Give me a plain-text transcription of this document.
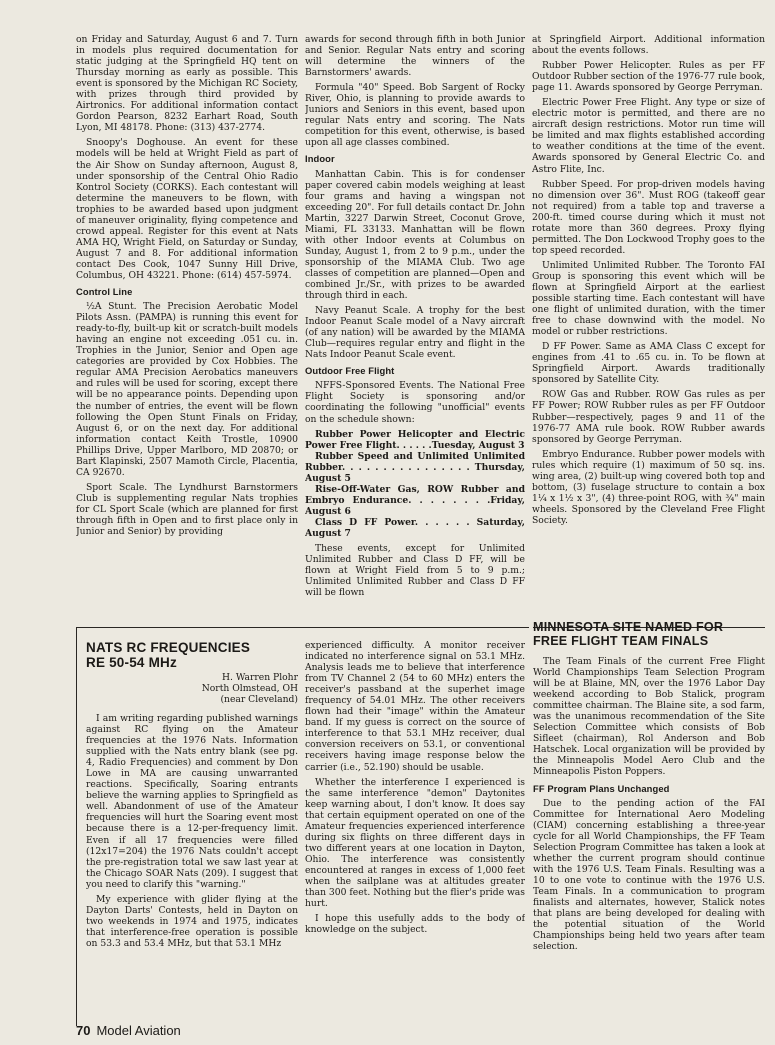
on Friday and Saturday, August 6 and 7. Turn in models plus required documentation for static judging at the Springfield HQ tent on Thursday morning as early as possible. This event is sponsored by the Michigan RC Society, with prizes through third provided by Airtronics. For additional information contact Gordon Pearson, 8232 Earhart Road, South Lyon, MI 48178. Phone: (313) 437-2774.

Snoopy's Doghouse. An event for these models will be held at Wright Field as part of the Air Show on Sunday afternoon, August 8, under sponsorship of the Central Ohio Radio Kontrol Society (CORKS). Each contestant will determine the maneuvers to be flown, with trophies to be awarded based upon judgment of maneuver originality, flying competence and crowd appeal. Register for this event at Nats AMA HQ, Wright Field, on Saturday or Sunday, August 7 and 8. For additional information contact Des Cook, 1047 Sunny Hill Drive, Columbus, OH 43221. Phone: (614) 457-5974.

Control Line

½A Stunt. The Precision Aerobatic Model Pilots Assn. (PAMPA) is running this event for ready-to-fly, built-up kit or scratch-built models having an engine not exceeding .051 cu. in. Trophies in the Junior, Senior and Open age categories are provided by Cox Hobbies. The regular AMA Precision Aerobatics maneuvers and rules will be used for scoring, except there will be no appearance points. Depending upon the number of entries, the event will be flown following the Open Stunt Finals on Friday, August 6, or on the next day. For additional information contact Keith Trostle, 10900 Phillips Drive, Upper Marlboro, MD 20870; or Bart Klapinski, 2507 Mamoth Circle, Placentia, CA 92670.

Sport Scale. The Lyndhurst Barnstormers Club is supplementing regular Nats trophies for CL Sport Scale (which are planned for first through fifth in Open and to first place only in Junior and Senior) by providing

awards for second through fifth in both Junior and Senior. Regular Nats entry and scoring will determine the winners of the Barnstormers' awards.

Formula "40" Speed. Bob Sargent of Rocky River, Ohio, is planning to provide awards to Juniors and Seniors in this event, based upon regular Nats entry and scoring. The Nats competition for this event, otherwise, is based upon all age classes combined.

Indoor

Manhattan Cabin. This is for condenser paper covered cabin models weighing at least four grams and having a wingspan not exceeding 20". For full details contact Dr. John Martin, 3227 Darwin Street, Coconut Grove, Miami, FL 33133. Manhattan will be flown with other Indoor events at Columbus on Sunday, August 1, from 2 to 9 p.m., under the sponsorship of the MIAMA Club. Two age classes of competition are planned—Open and combined Jr./Sr., with prizes to be awarded through third in each.

Navy Peanut Scale. A trophy for the best Indoor Peanut Scale model of a Navy aircraft (of any nation) will be awarded by the MIAMA Club—requires regular entry and flight in the Nats Indoor Peanut Scale event.

Outdoor Free Flight

NFFS-Sponsored Events. The National Free Flight Society is sponsoring and/or coordinating the following "unofficial" events on the schedule shown:

Rubber Power Helicopter and Electric Power Free Flight. . . . . .Tuesday, August 3
Rubber Speed and Unlimited Unlimited Rubber. . . . . . . . . . . . . . . . Thursday, August 5
Rise-Off-Water Gas, ROW Rubber and Embryo Endurance. . . . . . . .Friday, August 6
Class D FF Power. . . . . . Saturday, August 7

These events, except for Unlimited Unlimited Rubber and Class D FF, will be flown at Wright Field from 5 to 9 p.m.; Unlimited Unlimited Rubber and Class D FF will be flown

at Springfield Airport. Additional information about the events follows.

Rubber Power Helicopter. Rules as per FF Outdoor Rubber section of the 1976-77 rule book, page 11. Awards sponsored by George Perryman.

Electric Power Free Flight. Any type or size of electric motor is permitted, and there are no aircraft design restrictions. Motor run time will be limited and max flights established according to weather conditions at the time of the event. Awards sponsored by General Electric Co. and Astro Flite, Inc.

Rubber Speed. For prop-driven models having no dimension over 36". Must ROG (takeoff gear not required) from a table top and traverse a 200-ft. timed course during which it must not rotate more than 360 degrees. Proxy flying permitted. The Don Lockwood Trophy goes to the top speed recorded.

Unlimited Unlimited Rubber. The Toronto FAI Group is sponsoring this event which will be flown at Springfield Airport at the earliest possible starting time. Each contestant will have one flight of unlimited duration, with the timer free to chase downwind with the model. No model or rubber restrictions.

D FF Power. Same as AMA Class C except for engines from .41 to .65 cu. in. To be flown at Springfield Airport. Awards traditionally sponsored by Satellite City.

ROW Gas and Rubber. ROW Gas rules as per FF Power; ROW Rubber rules as per FF Outdoor Rubber—respectively, pages 9 and 11 of the 1976-77 AMA rule book. ROW Rubber awards sponsored by George Perryman.

Embryo Endurance. Rubber power models with rules which require (1) maximum of 50 sq. ins. wing area, (2) built-up wing covered both top and bottom, (3) fuselage structure to contain a box 1¼ x 1½ x 3", (4) three-point ROG, with ¾" main wheels. Sponsored by the Cleveland Free Flight Society.

NATS RC FREQUENCIES
RE 50-54 MHz
H. Warren Plohr
North Olmstead, OH
(near Cleveland)

I am writing regarding published warnings against RC flying on the Amateur frequencies at the 1976 Nats. Information supplied with the Nats entry blank (see pg. 4, Radio Frequencies) and comment by Don Lowe in MA are causing unwarranted reactions. Specifically, Soaring entrants believe the warning applies to Springfield as well. Abandonment of use of the Amateur frequencies will hurt the Soaring event most because there is a 12-per-frequency limit. Even if all 17 frequencies were filled (12x17=204) the 1976 Nats couldn't accept the pre-registration total we saw last year at the Chicago SOAR Nats (209). I suggest that you need to clarify this "warning."

My experience with glider flying at the Dayton Darts' Contests, held in Dayton on two weekends in 1974 and 1975, indicates that interference-free operation is possible on 53.3 and 53.4 MHz, but that 53.1 MHz

experienced difficulty. A monitor receiver indicated no interference signal on 53.1 MHz. Analysis leads me to believe that interference from TV Channel 2 (54 to 60 MHz) enters the receiver's passband at the superhet image frequency of 54.01 MHz. The other receivers flown had their "image" within the Amateur band. If my guess is correct on the source of interference to that 53.1 MHz receiver, dual conversion receivers on 53.1, or conventional receivers having image response below the carrier (i.e., 52.190) should be usable.

Whether the interference I experienced is the same interference "demon" Daytonites keep warning about, I don't know. It does say that certain equipment operated on one of the Amateur frequencies experienced interference during six flights on three different days in two different years at one location in Dayton, Ohio. The interference was consistently encountered at ranges in excess of 1,000 feet when the sailplane was at altitudes greater than 300 feet. Nothing but the flier's pride was hurt.

I hope this usefully adds to the body of knowledge on the subject.

MINNESOTA SITE NAMED FOR
FREE FLIGHT TEAM FINALS

The Team Finals of the current Free Flight World Championships Team Selection Program will be at Blaine, MN, over the 1976 Labor Day weekend according to Bob Stalick, program committee chairman. The Blaine site, a sod farm, was the unanimous recommendation of the Site Selection Committee which consists of Bob Sifleet (chairman), Rol Anderson and Bob Hatschek. Local organization will be provided by the Minneapolis Model Aero Club and the Minneapolis Piston Poppers.

FF Program Plans Unchanged

Due to the pending action of the FAI Committee for International Aero Modeling (CIAM) concerning establishing a three-year cycle for all World Championships, the FF Team Selection Program Committee has taken a look at whether the current program should continue with the 1976 U.S. Team Finals. Resulting was a 10 to one vote to continue with the 1976 U.S. Team Finals. In a communication to program finalists and alternates, however, Stalick notes that plans are being developed for dealing with the potential situation of the World Championships being held two years after team selection.

70 Model Aviation
